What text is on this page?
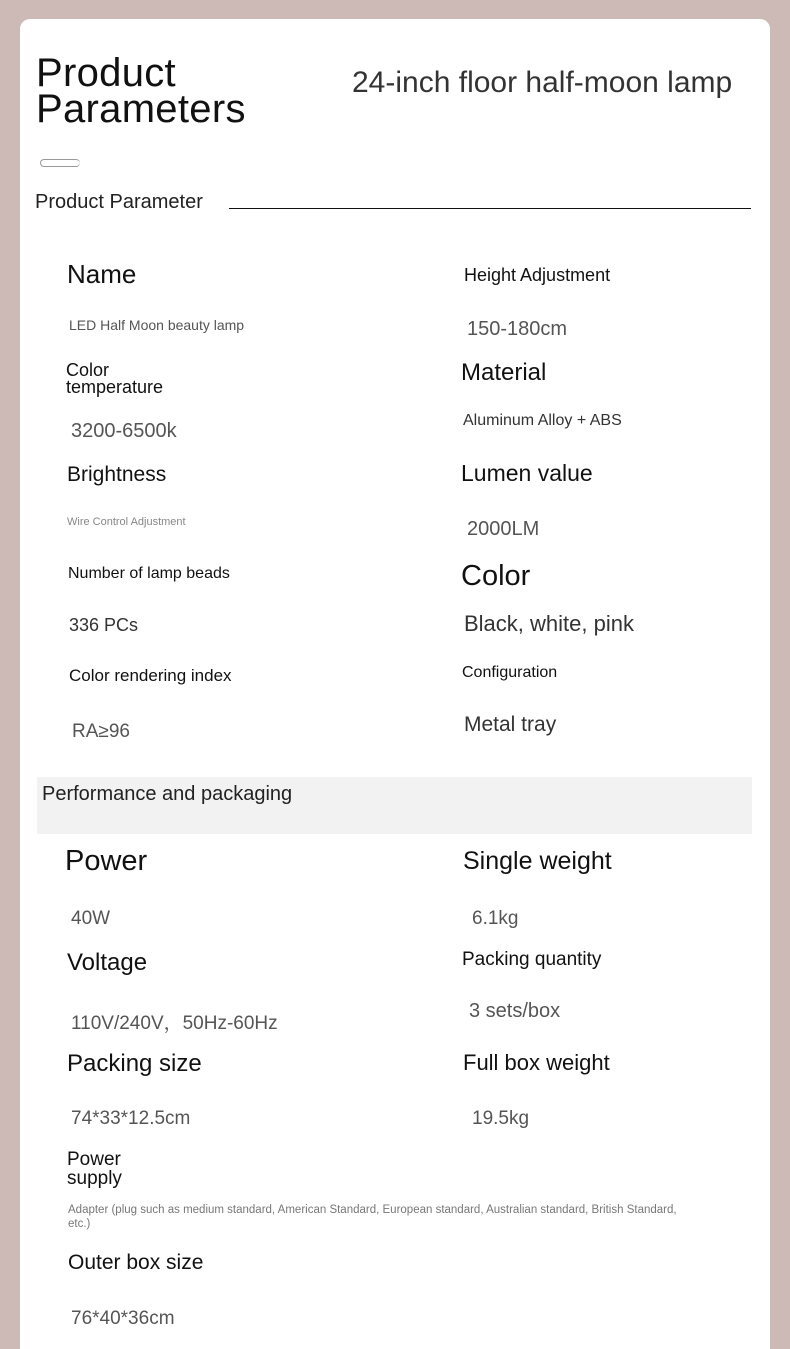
Product
Parameters
24-inch floor half-moon lamp
Product Parameter
Name
LED Half Moon beauty lamp
Color
temperature
3200-6500k
Brightness
Wire Control Adjustment
Number of lamp beads
336 PCs
Color rendering index
RA≥96
Height Adjustment
150-180cm
Material
Aluminum Alloy + ABS
Lumen value
2000LM
Color
Black, white, pink
Configuration
Metal tray
Performance and packaging
Power
40W
Voltage
110V/240V，50Hz-60Hz
Packing size
74*33*12.5cm
Power
supply
Adapter (plug such as medium standard, American Standard, European standard, Australian standard, British Standard,
etc.)
Outer box size
76*40*36cm
Single weight
6.1kg
Packing quantity
3 sets/box
Full box weight
19.5kg
